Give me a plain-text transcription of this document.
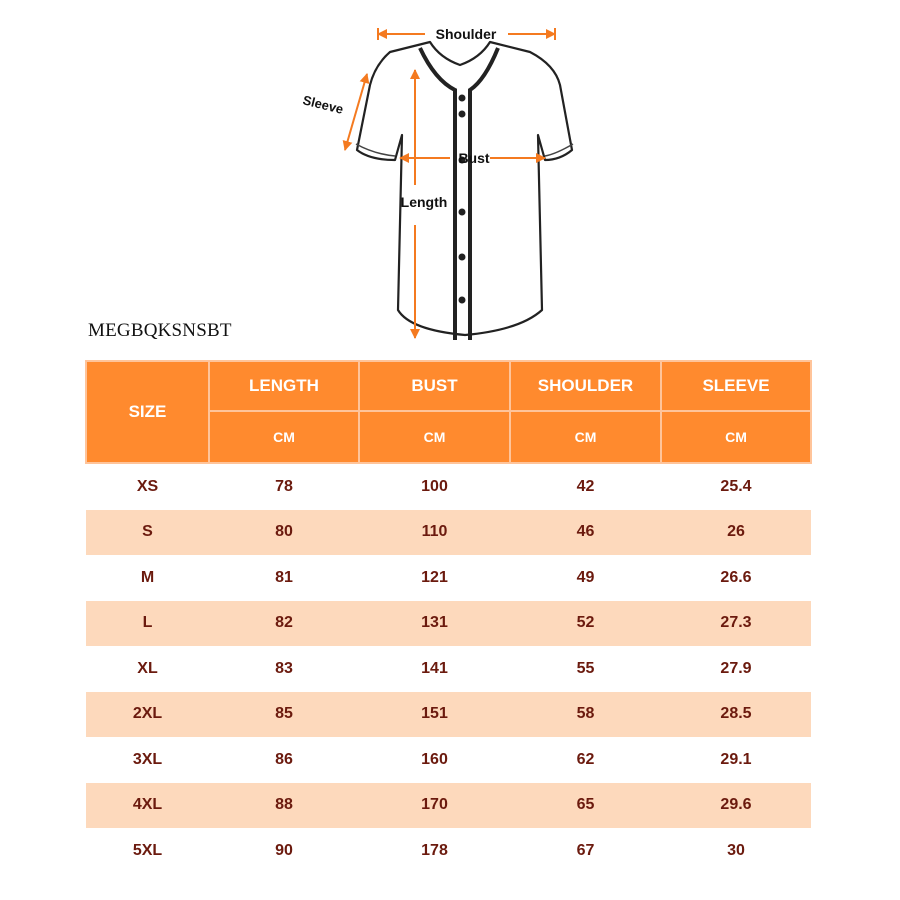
Shoulder
Sleeve
Bust
Length
MEGBQKSNSBT
SIZE	LENGTH	BUST	SHOULDER	SLEEVE
	CM	CM	CM	CM
XS	78	100	42	25.4
S	80	110	46	26
M	81	121	49	26.6
L	82	131	52	27.3
XL	83	141	55	27.9
2XL	85	151	58	28.5
3XL	86	160	62	29.1
4XL	88	170	65	29.6
5XL	90	178	67	30
